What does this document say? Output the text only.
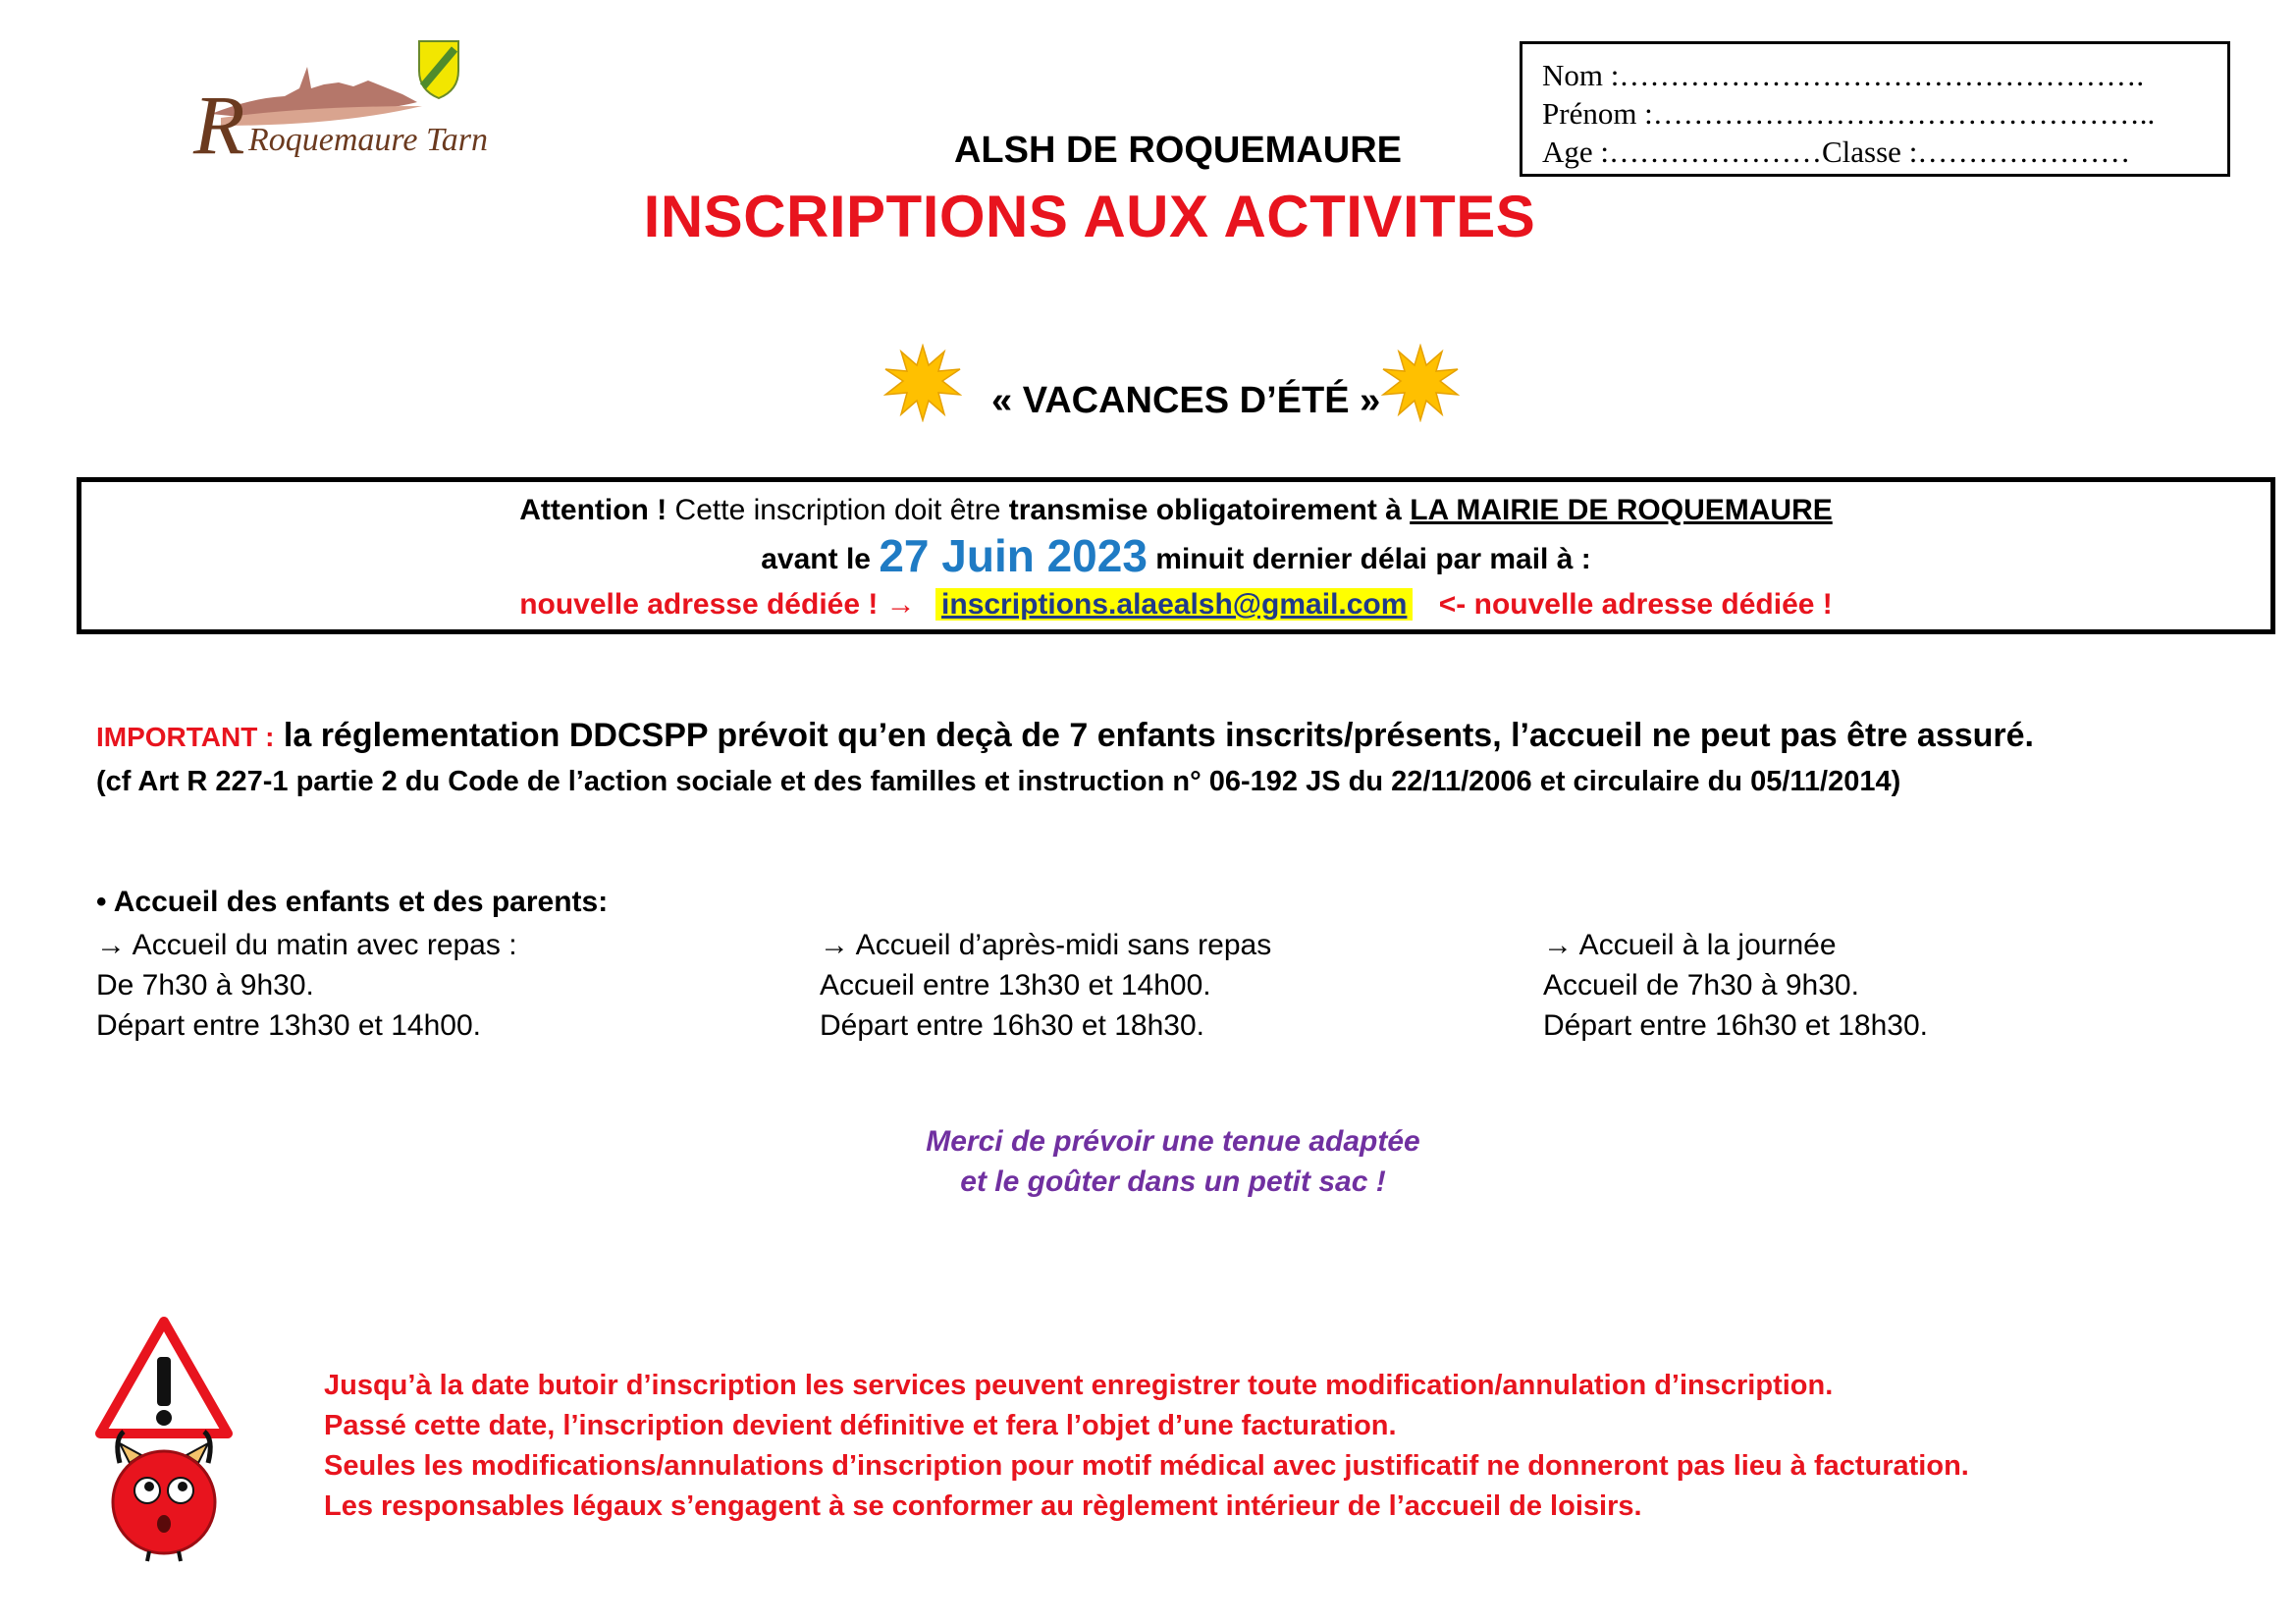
R Roquemaure Tarn
Nom :…………………………………………….
Prénom :…………………………………………..
Age :…………………Classe :…………………
ALSH DE ROQUEMAURE
INSCRIPTIONS AUX ACTIVITES
« VACANCES D’ÉTÉ »
Attention ! Cette inscription doit être transmise obligatoirement à LA MAIRIE DE ROQUEMAURE
avant le 27 Juin 2023 minuit dernier délai par mail à :
nouvelle adresse dédiée ! → inscriptions.alaealsh@gmail.com <- nouvelle adresse dédiée !
IMPORTANT : la réglementation DDCSPP prévoit qu’en deçà de 7 enfants inscrits/présents, l’accueil ne peut pas être assuré.
(cf Art R 227-1 partie 2 du Code de l’action sociale et des familles et instruction n° 06-192 JS du 22/11/2006 et circulaire du 05/11/2014)
• Accueil des enfants et des parents:
→ Accueil du matin avec repas :
De 7h30 à 9h30.
Départ entre 13h30 et 14h00.
→ Accueil d’après-midi sans repas
Accueil entre 13h30 et 14h00.
Départ entre 16h30 et 18h30.
→ Accueil à la journée
Accueil de 7h30 à 9h30.
Départ entre 16h30 et 18h30.
Merci de prévoir une tenue adaptée
et le goûter dans un petit sac !
Jusqu’à la date butoir d’inscription les services peuvent enregistrer toute modification/annulation d’inscription.
Passé cette date, l’inscription devient définitive et fera l’objet d’une facturation.
Seules les modifications/annulations d’inscription pour motif médical avec justificatif ne donneront pas lieu à facturation.
Les responsables légaux s’engagent à se conformer au règlement intérieur de l’accueil de loisirs.
